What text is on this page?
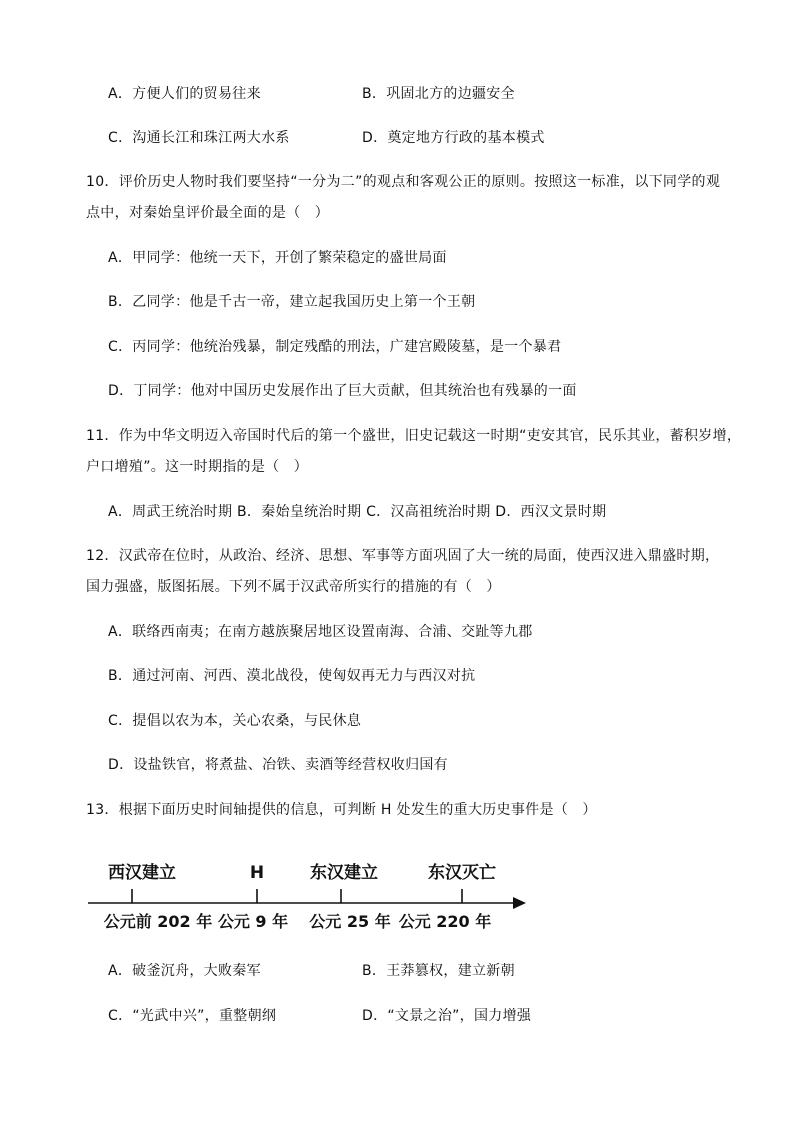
A．方便人们的贸易往来	B．巩固北方的边疆安全
C．沟通长江和珠江两大水系	D．奠定地方行政的基本模式
10．评价历史人物时我们要坚持“一分为二”的观点和客观公正的原则。按照这一标准，以下同学的观
点中，对秦始皇评价最全面的是（　）
A．甲同学：他统一天下，开创了繁荣稳定的盛世局面
B．乙同学：他是千古一帝，建立起我国历史上第一个王朝
C．丙同学：他统治残暴，制定残酷的刑法，广建宫殿陵墓，是一个暴君
D．丁同学：他对中国历史发展作出了巨大贡献，但其统治也有残暴的一面
11．作为中华文明迈入帝国时代后的第一个盛世，旧史记载这一时期“吏安其官，民乐其业，蓄积岁增，
户口增殖”。这一时期指的是（　）
A．周武王统治时期 B．秦始皇统治时期 C．汉高祖统治时期 D．西汉文景时期
12．汉武帝在位时，从政治、经济、思想、军事等方面巩固了大一统的局面，使西汉进入鼎盛时期，
国力强盛，版图拓展。下列不属于汉武帝所实行的措施的有（　）
A．联络西南夷；在南方越族聚居地区设置南海、合浦、交趾等九郡
B．通过河南、河西、漠北战役，使匈奴再无力与西汉对抗
C．提倡以农为本，关心农桑，与民休息
D．设盐铁官，将煮盐、冶铁、卖酒等经营权收归国有
13．根据下面历史时间轴提供的信息，可判断 H 处发生的重大历史事件是（　）
西汉建立	H	东汉建立	东汉灭亡
公元前 202 年 公元 9 年 公元 25 年 公元 220 年
A．破釜沉舟，大败秦军	B．王莽篡权，建立新朝
C．“光武中兴”，重整朝纲	D．“文景之治”，国力增强
